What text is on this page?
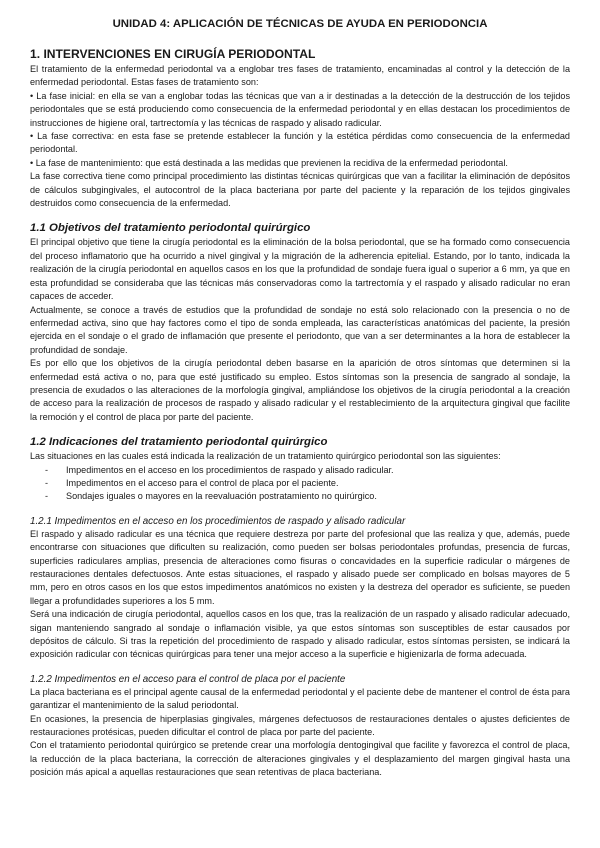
UNIDAD 4: APLICACIÓN DE TÉCNICAS DE AYUDA EN PERIODONCIA
1. INTERVENCIONES EN CIRUGÍA PERIODONTAL

El tratamiento de la enfermedad periodontal va a englobar tres fases de tratamiento, encaminadas al control y la detección de la enfermedad periodontal. Estas fases de tratamiento son:

• La fase inicial: en ella se van a englobar todas las técnicas que van a ir destinadas a la detección de la destrucción de los tejidos periodontales que se está produciendo como consecuencia de la enfermedad periodontal y en ellas destacan los procedimientos de instrucciones de higiene oral, tartrectomía y las técnicas de raspado y alisado radicular.

• La fase correctiva: en esta fase se pretende establecer la función y la estética pérdidas como consecuencia de la enfermedad periodontal.

• La fase de mantenimiento: que está destinada a las medidas que previenen la recidiva de la enfermedad periodontal.

La fase correctiva tiene como principal procedimiento las distintas técnicas quirúrgicas que van a facilitar la eliminación de depósitos de cálculos subgingivales, el autocontrol de la placa bacteriana por parte del paciente y la reparación de los tejidos gingivales destruidos como consecuencia de la enfermedad.

1.1 Objetivos del tratamiento periodontal quirúrgico

El principal objetivo que tiene la cirugía periodontal es la eliminación de la bolsa periodontal, que se ha formado como consecuencia del proceso inflamatorio que ha ocurrido a nivel gingival y la migración de la adherencia epitelial. Estando, por lo tanto, indicada la realización de la cirugía periodontal en aquellos casos en los que la profundidad de sondaje fuera igual o superior a 6 mm, ya que en esta profundidad se consideraba que las técnicas más conservadoras como la tartrectomía y el raspado y alisado radicular no eran capaces de acceder.

Actualmente, se conoce a través de estudios que la profundidad de sondaje no está solo relacionado con la presencia o no de enfermedad activa, sino que hay factores como el tipo de sonda empleada, las características anatómicas del paciente, la presión ejercida en el sondaje o el grado de inflamación que presente el periodonto, que van a ser determinantes a la hora de establecer la profundidad de sondaje.

Es por ello que los objetivos de la cirugía periodontal deben basarse en la aparición de otros síntomas que determinen si la enfermedad está activa o no, para que esté justificado su empleo. Estos síntomas son la presencia de sangrado al sondaje, la presencia de exudados o las alteraciones de la morfología gingival, ampliándose los objetivos de la cirugía periodontal a la creación de acceso para la realización de procesos de raspado y alisado radicular y el restablecimiento de la arquitectura gingival que facilite la remoción y el control de placa por parte del paciente.

1.2 Indicaciones del tratamiento periodontal quirúrgico

Las situaciones en las cuales está indicada la realización de un tratamiento quirúrgico periodontal son las siguientes:

- Impedimentos en el acceso en los procedimientos de raspado y alisado radicular.
- Impedimentos en el acceso para el control de placa por el paciente.
- Sondajes iguales o mayores en la reevaluación postratamiento no quirúrgico.
1.2.1 Impedimentos en el acceso en los procedimientos de raspado y alisado radicular

El raspado y alisado radicular es una técnica que requiere destreza por parte del profesional que las realiza y que, además, puede encontrarse con situaciones que dificulten su realización, como pueden ser bolsas periodontales profundas, presencia de furcas, superficies radiculares amplias, presencia de alteraciones como fisuras o concavidades en la superficie radicular o márgenes de restauraciones dentales defectuosos. Ante estas situaciones, el raspado y alisado puede ser complicado en bolsas mayores de 5 mm, pero en otros casos en los que estos impedimentos anatómicos no existen y la destreza del operador es suficiente, se pueden llegar a profundidades superiores a los 5 mm.

Será una indicación de cirugía periodontal, aquellos casos en los que, tras la realización de un raspado y alisado radicular adecuado, sigan manteniendo sangrado al sondaje o inflamación visible, ya que estos síntomas son susceptibles de estar causados por depósitos de cálculo. Si tras la repetición del procedimiento de raspado y alisado radicular, estos síntomas persisten, se indicará la exposición radicular con técnicas quirúrgicas para tener una mejor acceso a la superficie e higienizarla de forma adecuada.

1.2.2 Impedimentos en el acceso para el control de placa por el paciente

La placa bacteriana es el principal agente causal de la enfermedad periodontal y el paciente debe de mantener el control de ésta para garantizar el mantenimiento de la salud periodontal.

En ocasiones, la presencia de hiperplasias gingivales, márgenes defectuosos de restauraciones dentales o ajustes deficientes de restauraciones protésicas, pueden dificultar el control de placa por parte del paciente.

Con el tratamiento periodontal quirúrgico se pretende crear una morfología dentogingival que facilite y favorezca el control de placa, la reducción de la placa bacteriana, la corrección de alteraciones gingivales y el desplazamiento del margen gingival hasta una posición más apical a aquellas restauraciones que sean retentivas de placa bacteriana.
